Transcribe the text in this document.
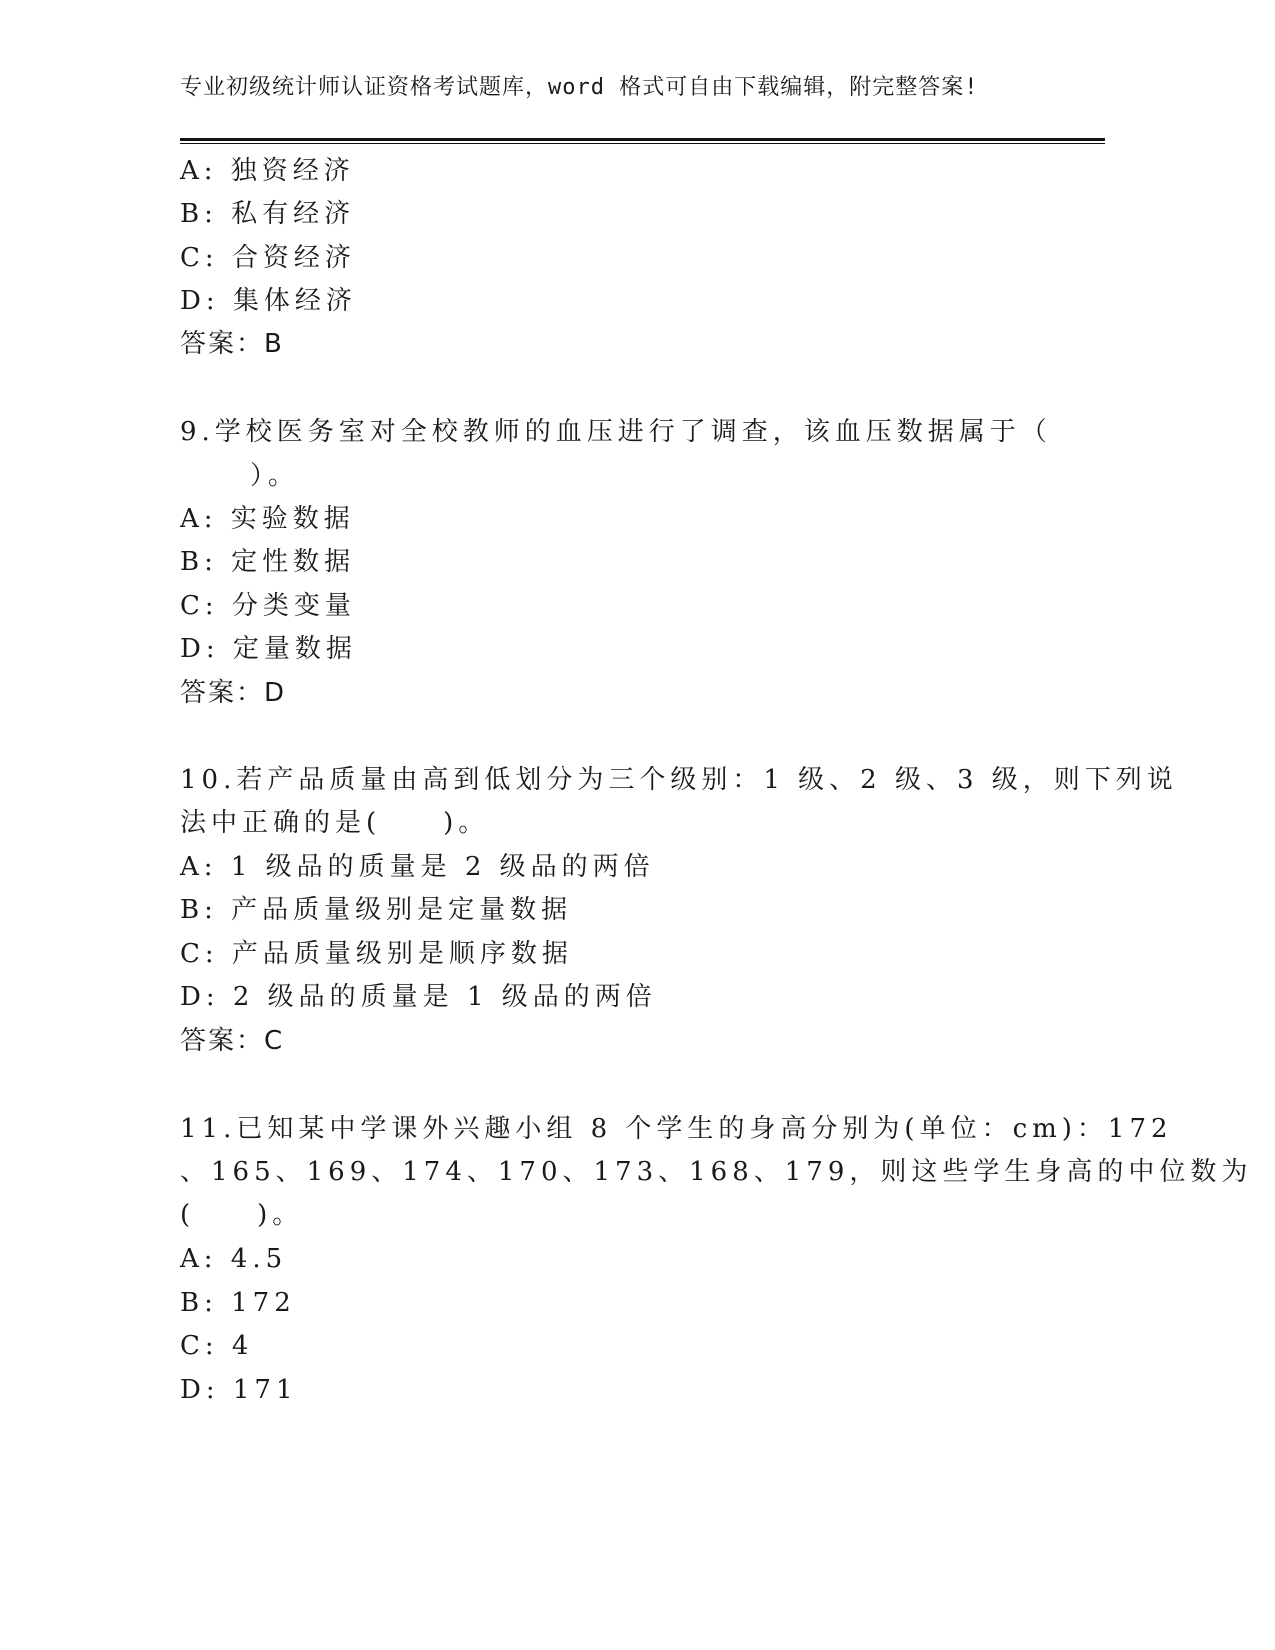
专业初级统计师认证资格考试题库，word 格式可自由下载编辑，附完整答案!
A: 独资经济
B: 私有经济
C: 合资经济
D: 集体经济
答案：B
9.学校医务室对全校教师的血压进行了调查，该血压数据属于（
）。
A: 实验数据
B: 定性数据
C: 分类变量
D: 定量数据
答案：D
10.若产品质量由高到低划分为三个级别：1 级、2 级、3 级，则下列说
法中正确的是(　　)。
A: 1 级品的质量是 2 级品的两倍
B: 产品质量级别是定量数据
C: 产品质量级别是顺序数据
D: 2 级品的质量是 1 级品的两倍
答案：C
11.已知某中学课外兴趣小组 8 个学生的身高分别为(单位：cm)：172
、165、169、174、170、173、168、179，则这些学生身高的中位数为
(　　)。
A: 4.5
B: 172
C: 4
D: 171
